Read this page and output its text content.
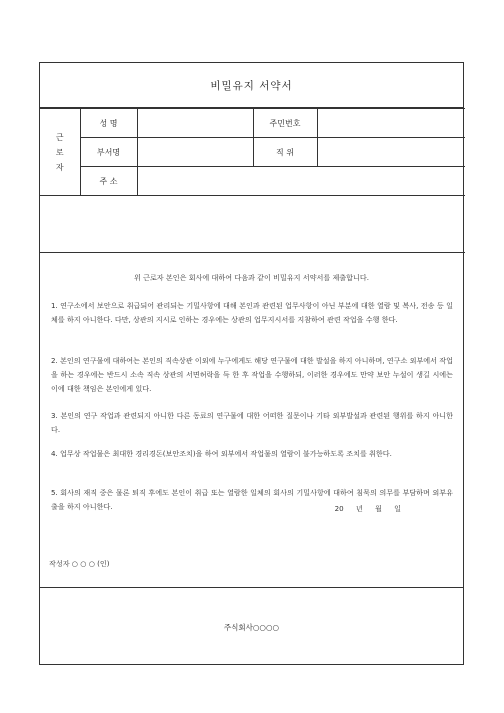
비밀유지 서약서
근
로
자	성 명		주민번호	
	부서명		직 위	
	주 소			

위 근로자 본인은 회사에 대하여 다음과 같이 비밀유지 서약서를 제출합니다.
1. 연구소에서 보안으로 취급되어 관리되는 기밀사항에 대해 본인과 관련된 업무사항이 아닌 부분에 대한 열람 및 복사, 전송 등 일체를 하지 아니한다. 다만, 상관의 지시로 인하는 경우에는 상관의 업무지시서를 지참하여 관련 작업을 수행 한다.
2. 본인의 연구물에 대하여는 본인의 직속상관 이외에 누구에게도 해당 연구물에 대한 발설을 하지 아니하며, 연구소 외부에서 작업을 하는 경우에는 반드시 소속 직속 상관의 서면허락을 득 한 후 작업을 수행하되, 이러한 경우에도 만약 보안 누설이 생길 시에는 이에 대한 책임은 본인에게 있다.
3. 본인의 연구 작업과 관련되지 아니한 다른 동료의 연구물에 대한 어떠한 질문이나 기타 외부발설과 관련된 행위를 하지 아니한다.
4. 업무상 작업물은 최대한 경리경돈(보안조치)을 하여 외부에서 작업물의 열람이 불가능하도록 조치를 취한다.
5. 회사의 재직 중은 물론 퇴직 후에도 본인이 취급 또는 열람한 일체의 회사의 기밀사항에 대하여 침묵의 의무를 부담하며 외부유출을 하지 아니한다.	20 년 월 일
작성자 ○ ○ ○ (인)
주식회사○○○○
